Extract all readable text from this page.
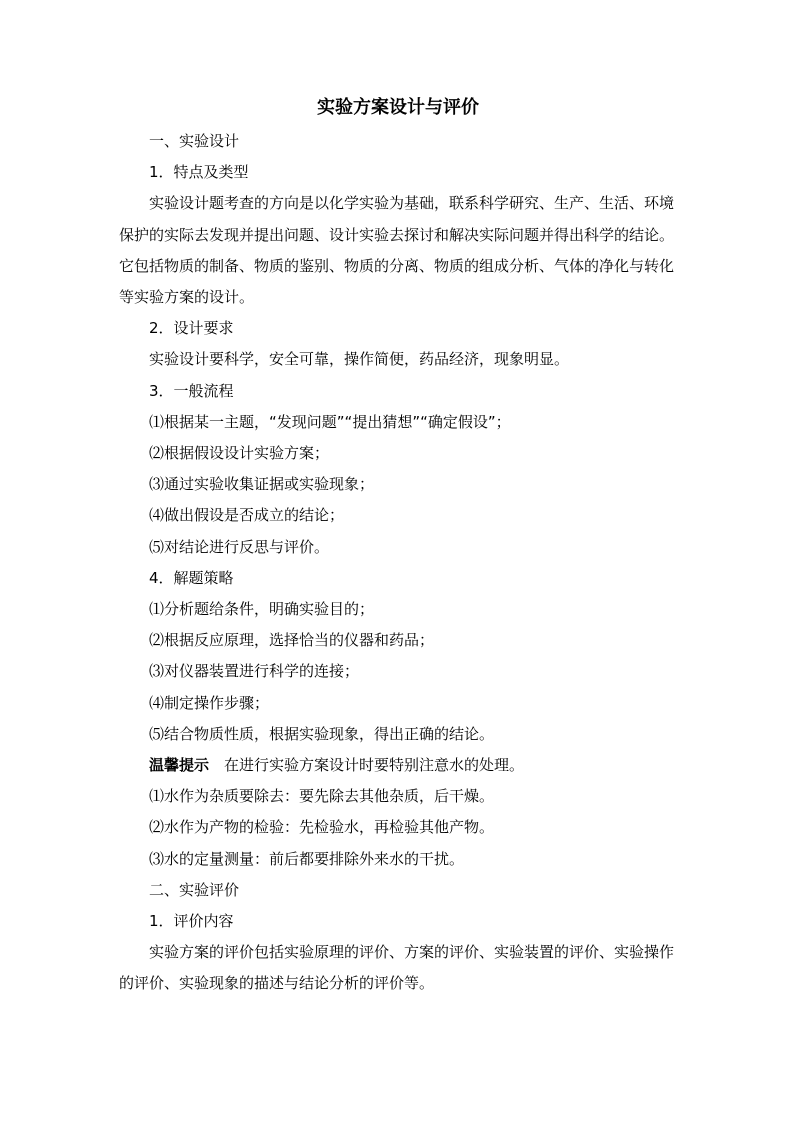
实验方案设计与评价
一、实验设计
1．特点及类型
实验设计题考查的方向是以化学实验为基础，联系科学研究、生产、生活、环境保护的实际去发现并提出问题、设计实验去探讨和解决实际问题并得出科学的结论。它包括物质的制备、物质的鉴别、物质的分离、物质的组成分析、气体的净化与转化等实验方案的设计。
2．设计要求
实验设计要科学，安全可靠，操作简便，药品经济，现象明显。
3．一般流程
⑴根据某一主题，“发现问题”“提出猜想”“确定假设”；
⑵根据假设设计实验方案；
⑶通过实验收集证据或实验现象；
⑷做出假设是否成立的结论；
⑸对结论进行反思与评价。
4．解题策略
⑴分析题给条件，明确实验目的；
⑵根据反应原理，选择恰当的仪器和药品；
⑶对仪器装置进行科学的连接；
⑷制定操作步骤；
⑸结合物质性质，根据实验现象，得出正确的结论。
温馨提示　 在进行实验方案设计时要特别注意水的处理。
⑴水作为杂质要除去：要先除去其他杂质，后干燥。
⑵水作为产物的检验：先检验水，再检验其他产物。
⑶水的定量测量：前后都要排除外来水的干扰。
二、实验评价
1．评价内容
实验方案的评价包括实验原理的评价、方案的评价、实验装置的评价、实验操作的评价、实验现象的描述与结论分析的评价等。
